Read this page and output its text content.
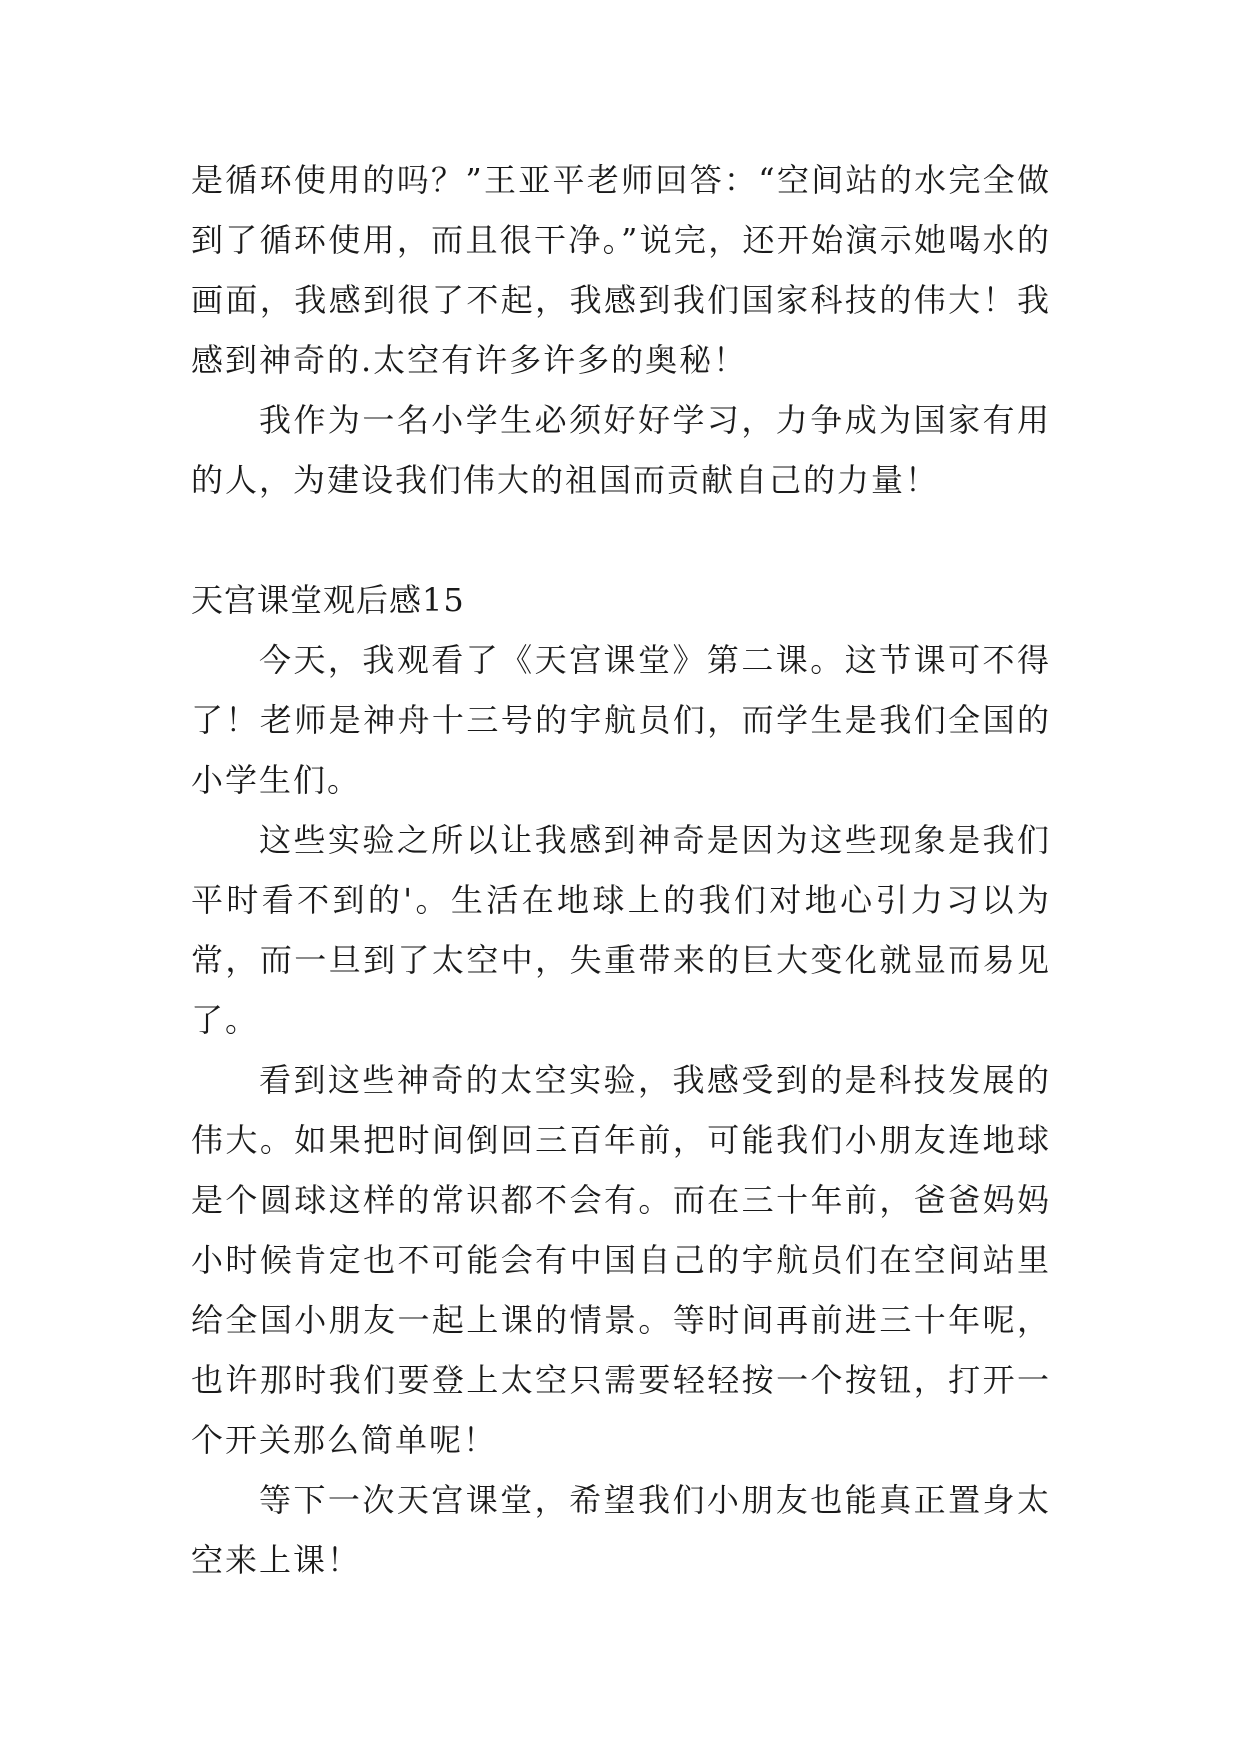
是循环使用的吗？”王亚平老师回答：“空间站的水完全做到了循环使用，而且很干净。”说完，还开始演示她喝水的画面，我感到很了不起，我感到我们国家科技的伟大！我感到神奇的.太空有许多许多的奥秘！

我作为一名小学生必须好好学习，力争成为国家有用的人，为建设我们伟大的祖国而贡献自己的力量！

天宫课堂观后感15

今天，我观看了《天宫课堂》第二课。这节课可不得了！老师是神舟十三号的宇航员们，而学生是我们全国的小学生们。

这些实验之所以让我感到神奇是因为这些现象是我们平时看不到的'。生活在地球上的我们对地心引力习以为常，而一旦到了太空中，失重带来的巨大变化就显而易见了。

看到这些神奇的太空实验，我感受到的是科技发展的伟大。如果把时间倒回三百年前，可能我们小朋友连地球是个圆球这样的常识都不会有。而在三十年前，爸爸妈妈小时候肯定也不可能会有中国自己的宇航员们在空间站里给全国小朋友一起上课的情景。等时间再前进三十年呢，也许那时我们要登上太空只需要轻轻按一个按钮，打开一个开关那么简单呢！

等下一次天宫课堂，希望我们小朋友也能真正置身太空来上课！
